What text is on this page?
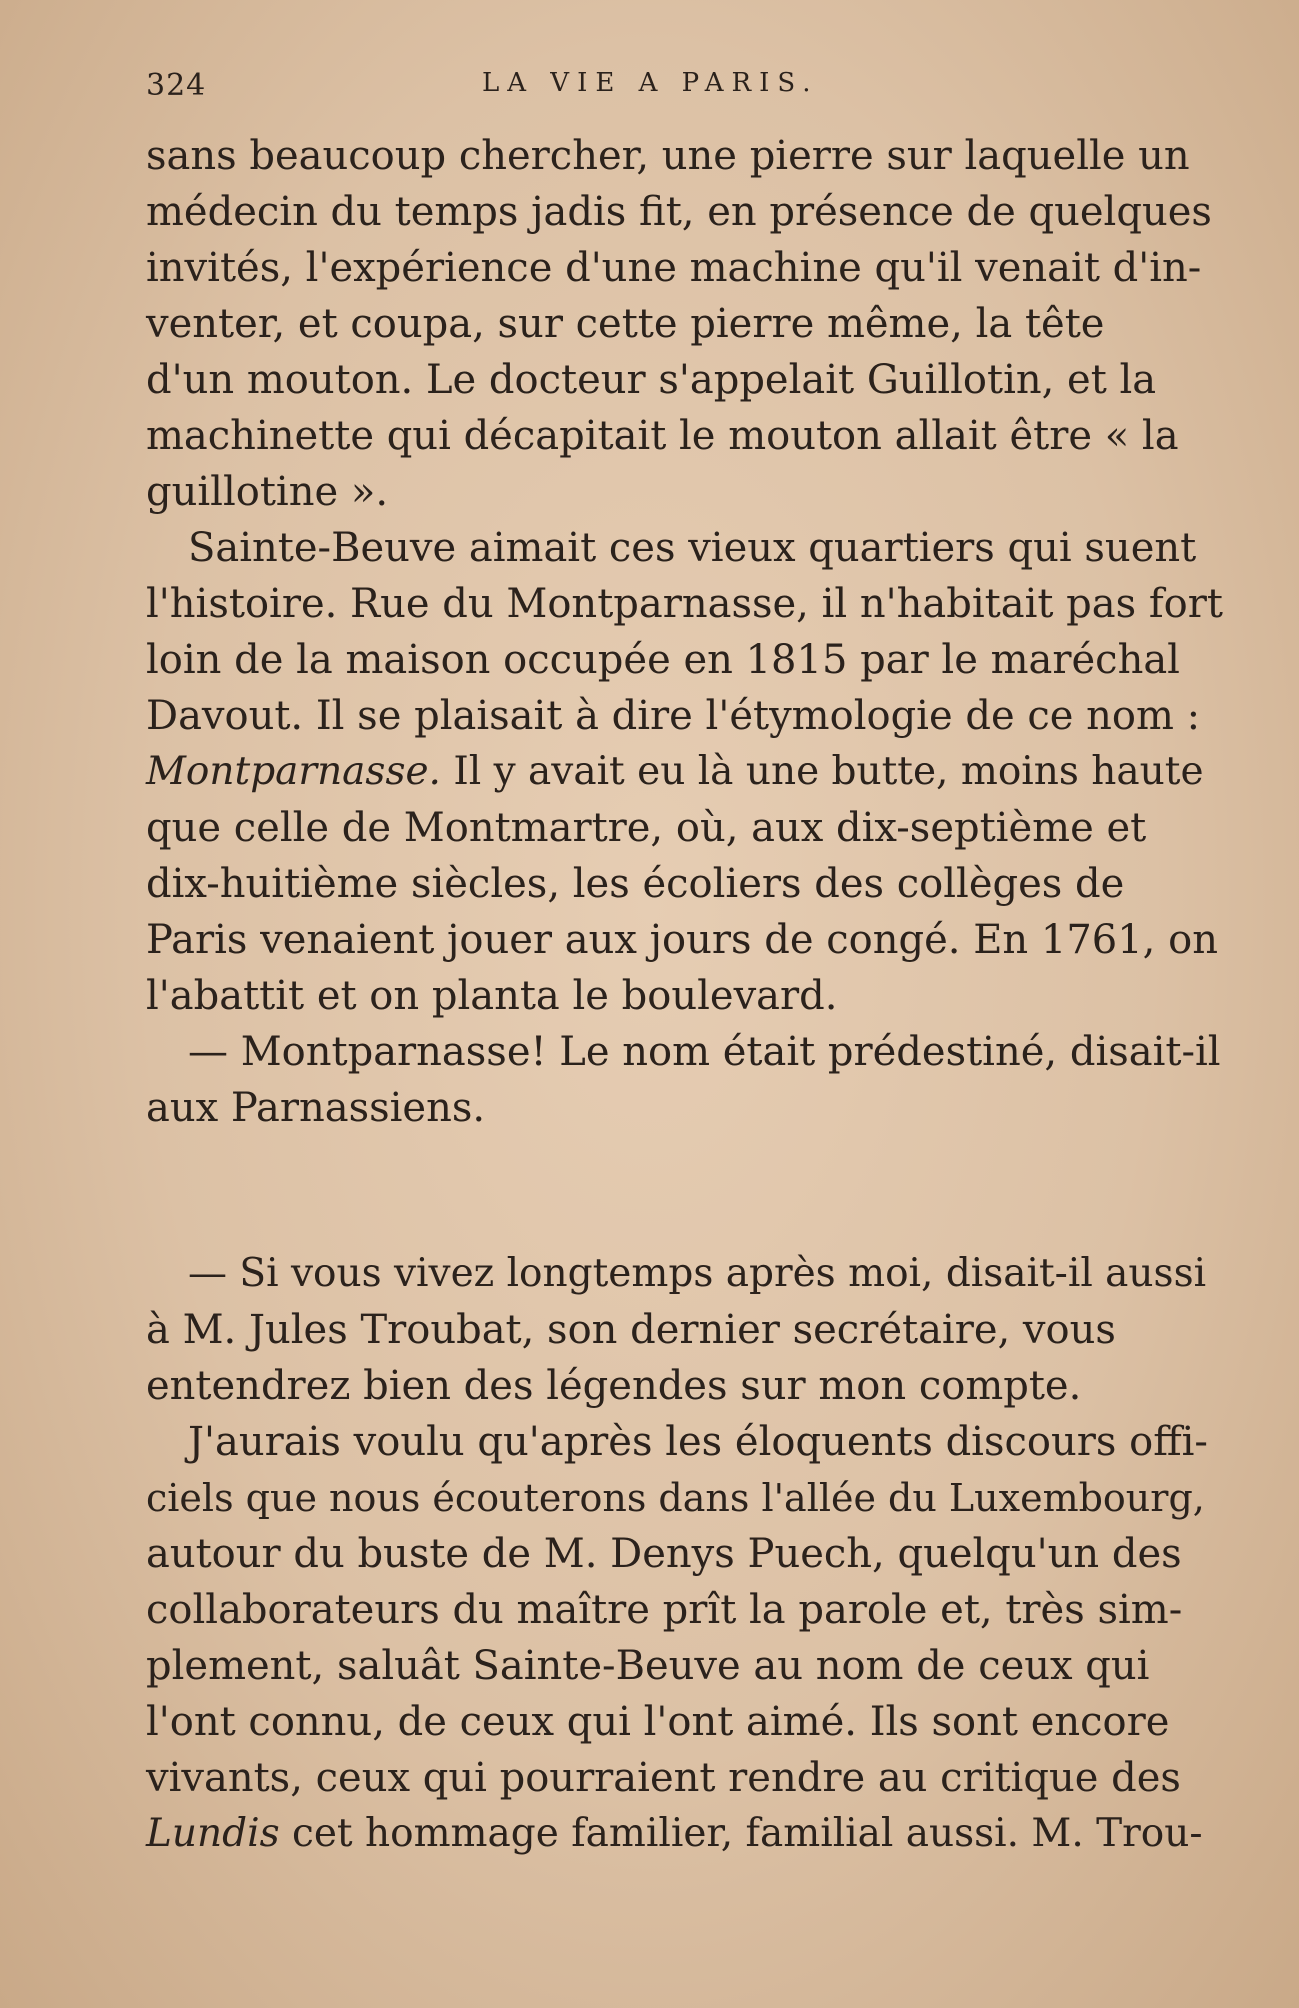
324	LA VIE A PARIS.
sans beaucoup chercher, une pierre sur laquelle un
médecin du temps jadis fit, en présence de quelques
invités, l'expérience d'une machine qu'il venait d'in-
venter, et coupa, sur cette pierre même, la tête
d'un mouton. Le docteur s'appelait Guillotin, et la
machinette qui décapitait le mouton allait être « la
guillotine ».
Sainte-Beuve aimait ces vieux quartiers qui suent
l'histoire. Rue du Montparnasse, il n'habitait pas fort
loin de la maison occupée en 1815 par le maréchal
Davout. Il se plaisait à dire l'étymologie de ce nom :
Montparnasse. Il y avait eu là une butte, moins haute
que celle de Montmartre, où, aux dix-septième et
dix-huitième siècles, les écoliers des collèges de
Paris venaient jouer aux jours de congé. En 1761, on
l'abattit et on planta le boulevard.
— Montparnasse! Le nom était prédestiné, disait-il
aux Parnassiens.
— Si vous vivez longtemps après moi, disait-il aussi
à M. Jules Troubat, son dernier secrétaire, vous
entendrez bien des légendes sur mon compte.
J'aurais voulu qu'après les éloquents discours offi-
ciels que nous écouterons dans l'allée du Luxembourg,
autour du buste de M. Denys Puech, quelqu'un des
collaborateurs du maître prît la parole et, très sim-
plement, saluât Sainte-Beuve au nom de ceux qui
l'ont connu, de ceux qui l'ont aimé. Ils sont encore
vivants, ceux qui pourraient rendre au critique des
Lundis cet hommage familier, familial aussi. M. Trou-
